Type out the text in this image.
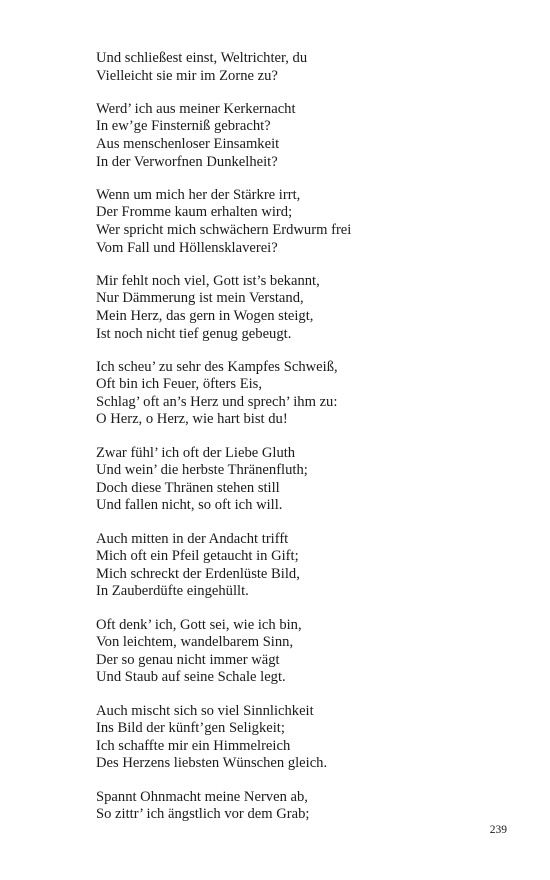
Und schließest einst, Weltrichter, du
Vielleicht sie mir im Zorne zu?
Werd’ ich aus meiner Kerkernacht
In ew’ge Finsterniß gebracht?
Aus menschenloser Einsamkeit
In der Verworfnen Dunkelheit?
Wenn um mich her der Stärkre irrt,
Der Fromme kaum erhalten wird;
Wer spricht mich schwächern Erdwurm frei
Vom Fall und Höllensklaverei?
Mir fehlt noch viel, Gott ist’s bekannt,
Nur Dämmerung ist mein Verstand,
Mein Herz, das gern in Wogen steigt,
Ist noch nicht tief genug gebeugt.
Ich scheu’ zu sehr des Kampfes Schweiß,
Oft bin ich Feuer, öfters Eis,
Schlag’ oft an’s Herz und sprech’ ihm zu:
O Herz, o Herz, wie hart bist du!
Zwar fühl’ ich oft der Liebe Gluth
Und wein’ die herbste Thränenfluth;
Doch diese Thränen stehen still
Und fallen nicht, so oft ich will.
Auch mitten in der Andacht trifft
Mich oft ein Pfeil getaucht in Gift;
Mich schreckt der Erdenlüste Bild,
In Zauberdüfte eingehüllt.
Oft denk’ ich, Gott sei, wie ich bin,
Von leichtem, wandelbarem Sinn,
Der so genau nicht immer wägt
Und Staub auf seine Schale legt.
Auch mischt sich so viel Sinnlichkeit
Ins Bild der künft’gen Seligkeit;
Ich schaffte mir ein Himmelreich
Des Herzens liebsten Wünschen gleich.
Spannt Ohnmacht meine Nerven ab,
So zittr’ ich ängstlich vor dem Grab;
239
